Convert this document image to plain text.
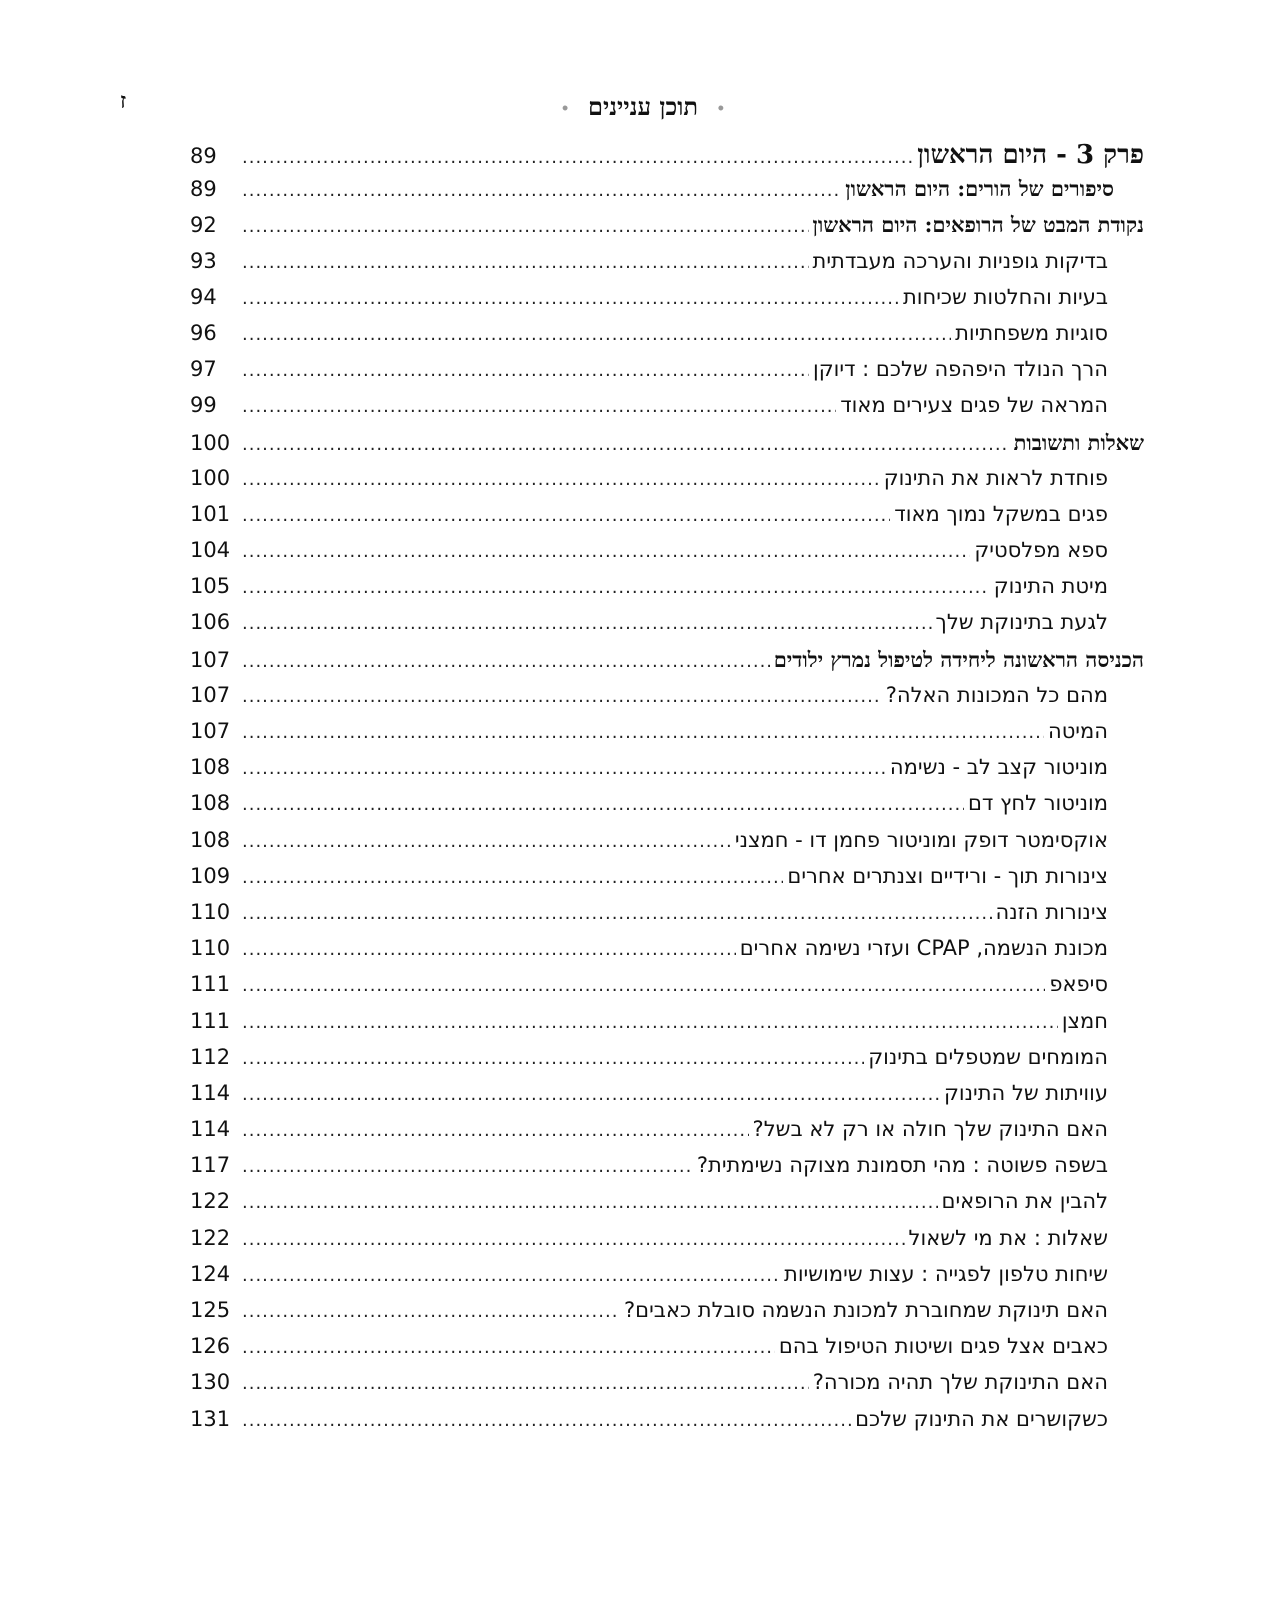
ז	• תוכן עניינים •
פרק 3 - היום הראשון
.....
89
סיפורים של הורים: היום הראשון
.....
89
נקודת המבט של הרופאים: היום הראשון
.....
92
בדיקות גופניות והערכה מעבדתית
.....
93
בעיות והחלטות שכיחות
.....
94
סוגיות משפחתיות
.....
96
הרך הנולד היפהפה שלכם : דיוקן
.....
97
המראה של פגים צעירים מאוד
.....
99
שאלות ותשובות
.....
100
פוחדת לראות את התינוק
.....
100
פגים במשקל נמוך מאוד
.....
101
ספא מפלסטיק
.....
104
מיטת התינוק
.....
105
לגעת בתינוקת שלך
.....
106
הכניסה הראשונה ליחידה לטיפול נמרץ ילודים
.....
107
מהם כל המכונות האלה?
.....
107
המיטה
.....
107
מוניטור קצב לב - נשימה
.....
108
מוניטור לחץ דם
.....
108
אוקסימטר דופק ומוניטור פחמן דו - חמצני
.....
108
צינורות תוך - ורידיים וצנתרים אחרים
.....
109
צינורות הזנה
.....
110
מכונת הנשמה, CPAP ועזרי נשימה אחרים
.....
110
סיפאפ
.....
111
חמצן
.....
111
המומחים שמטפלים בתינוק
.....
112
עוויתות של התינוק
.....
114
האם התינוק שלך חולה או רק לא בשל?
.....
114
בשפה פשוטה : מהי תסמונת מצוקה נשימתית?
.....
117
להבין את הרופאים
.....
122
שאלות : את מי לשאול
.....
122
שיחות טלפון לפגייה : עצות שימושיות
.....
124
האם תינוקת שמחוברת למכונת הנשמה סובלת כאבים?
.....
125
כאבים אצל פגים ושיטות הטיפול בהם
.....
126
האם התינוקת שלך תהיה מכורה?
.....
130
כשקושרים את התינוק שלכם
.....
131
